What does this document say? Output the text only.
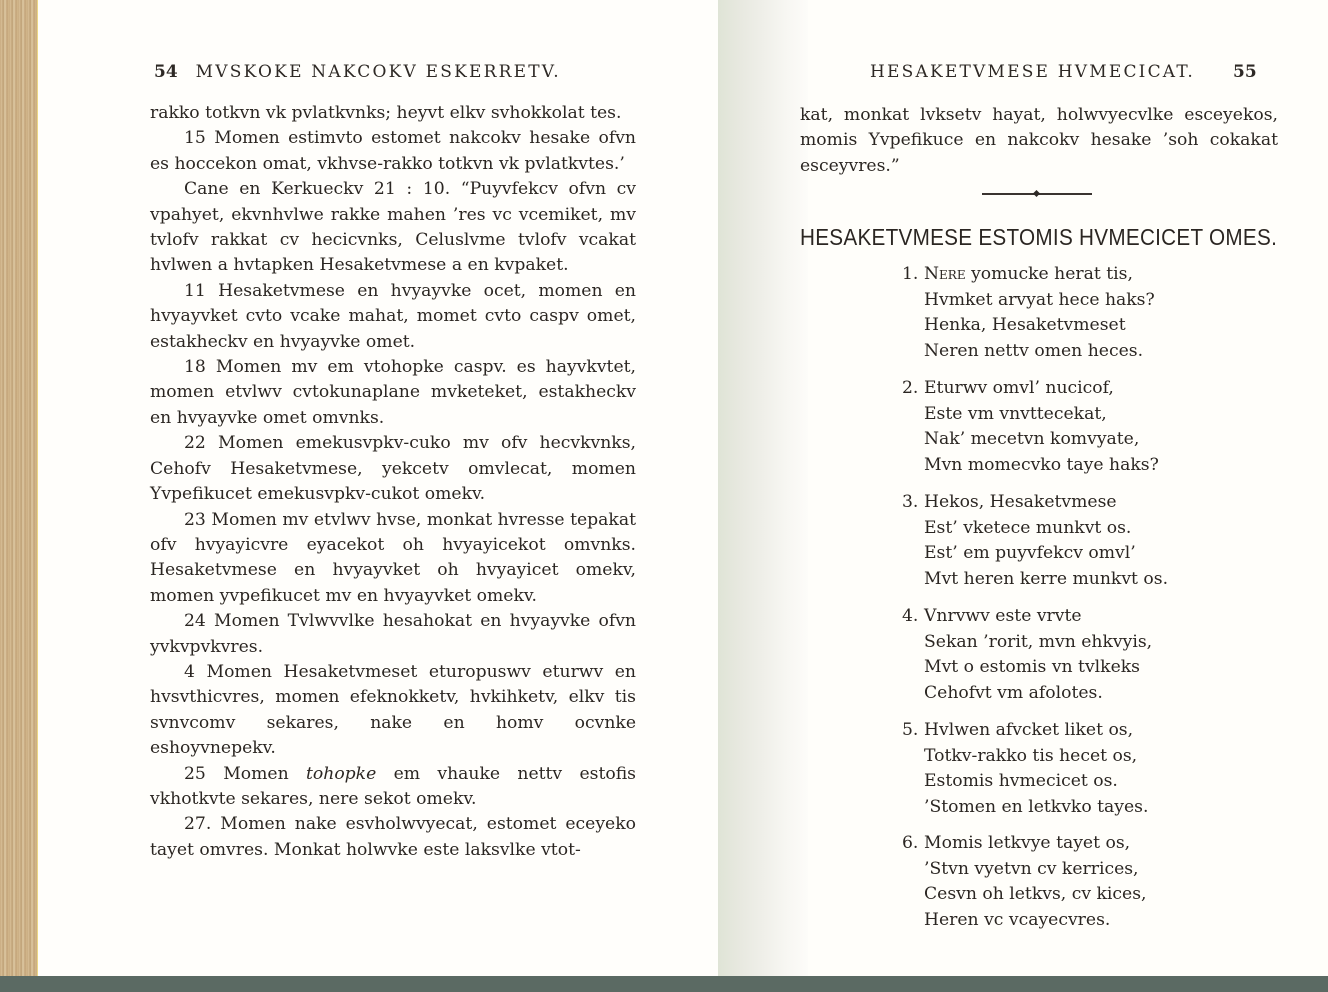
54 MVSKOKE NAKCOKV ESKERRETV.

rakko totkvn vk pvlatkvnks; heyvt elkv svhokkolat tes.

15 Momen estimvto estomet nakcokv hesake ofvn es hoccekon omat, vkhvse-rakko totkvn vk pvlatkvtes.’

Cane en Kerkueckv 21 : 10. “Puyvfekcv ofvn cv vpahyet, ekvnhvlwe rakke mahen ’res vc vcemiket, mv tvlofv rakkat cv hecicvnks, Celuslvme tvlofv vcakat hvlwen a hvtapken Hesaketvmese a en kvpaket.

11 Hesaketvmese en hvyayvke ocet, momen en hvyayvket cvto vcake mahat, momet cvto caspv omet, estakheckv en hvyayvke omet.

18 Momen mv em vtohopke caspv. es hayvkvtet, momen etvlwv cvtokunaplane mvketeket, estakheckv en hvyayvke omet omvnks.

22 Momen emekusvpkv-cuko mv ofv hecvkvnks, Cehofv Hesaketvmese, yekcetv omvlecat, momen Yvpefikucet emekusvpkv-cukot omekv.

23 Momen mv etvlwv hvse, monkat hvresse tepakat ofv hvyayicvre eyacekot oh hvyayicekot omvnks. Hesaketvmese en hvyayvket oh hvyayicet omekv, momen yvpefikucet mv en hvyayvket omekv.

24 Momen Tvlwvvlke hesahokat en hvyayvke ofvn yvkvpvkvres.

4 Momen Hesaketvmeset eturopuswv eturwv en hvsvthicvres, momen efeknokketv, hvkihketv, elkv tis svnvcomv sekares, nake en homv ocvnke eshoyvnepekv.

25 Momen tohopke em vhauke nettv estofis vkhotkvte sekares, nere sekot omekv.

27. Momen nake esvholwvyecat, estomet eceyeko tayet omvres. Monkat holwvke este laksvlke vtot-

HESAKETVMESE HVMECICAT. 55

kat, monkat lvksetv hayat, holwvyecvlke esceyekos, momis Yvpefikuce en nakcokv hesake ’soh cokakat esceyvres.”

HESAKETVMESE ESTOMIS HVMECICET OMES.
1. Nere yomucke herat tis,
Hvmket arvyat hece haks?
Henka, Hesaketvmeset
Neren nettv omen heces.
2. Eturwv omvl’ nucicof,
Este vm vnvttecekat,
Nak’ mecetvn komvyate,
Mvn momecvko taye haks?
3. Hekos, Hesaketvmese
Est’ vketece munkvt os.
Est’ em puyvfekcv omvl’
Mvt heren kerre munkvt os.
4. Vnrvwv este vrvte
Sekan ’rorit, mvn ehkvyis,
Mvt o estomis vn tvlkeks
Cehofvt vm afolotes.
5. Hvlwen afvcket liket os,
Totkv-rakko tis hecet os,
Estomis hvmecicet os.
’Stomen en letkvko tayes.
6. Momis letkvye tayet os,
’Stvn vyetvn cv kerrices,
Cesvn oh letkvs, cv kices,
Heren vc vcayecvres.
